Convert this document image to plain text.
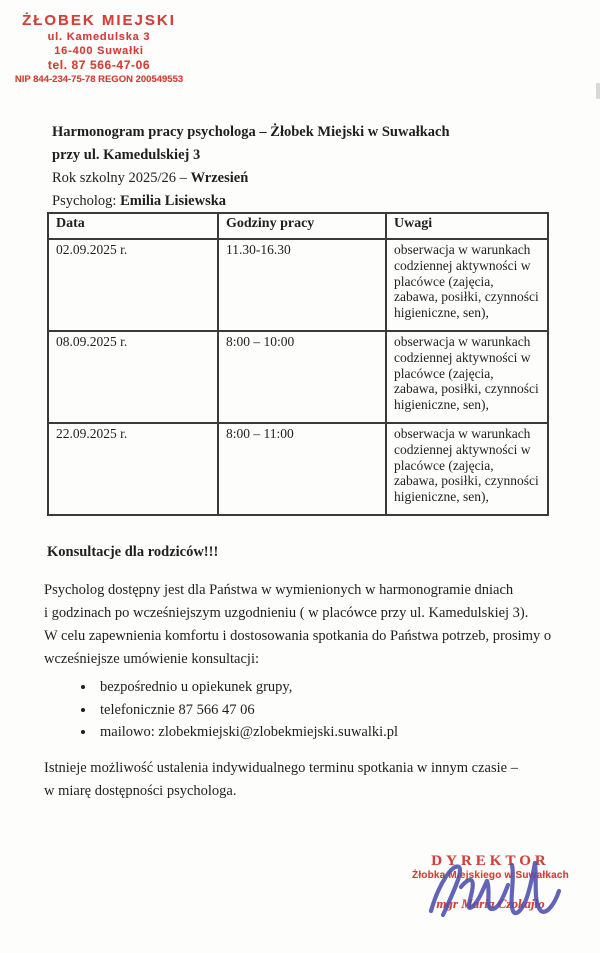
ŻŁOBEK MIEJSKI
ul. Kamedulska 3
16-400 Suwałki
tel. 87 566-47-06
NIP 844-234-75-78 REGON 200549553
Harmonogram pracy psychologa – Żłobek Miejski w Suwałkach
przy ul. Kamedulskiej 3
Rok szkolny 2025/26 – Wrzesień
Psycholog: Emilia Lisiewska
Data	Godziny pracy	Uwagi
02.09.2025 r.	11.30-16.30	obserwacja w warunkach codziennej aktywności w placówce (zajęcia, zabawa, posiłki, czynności higieniczne, sen),
08.09.2025 r.	8:00 – 10:00	obserwacja w warunkach codziennej aktywności w placówce (zajęcia, zabawa, posiłki, czynności higieniczne, sen),
22.09.2025 r.	8:00 – 11:00	obserwacja w warunkach codziennej aktywności w placówce (zajęcia, zabawa, posiłki, czynności higieniczne, sen),
Konsultacje dla rodziców!!!
Psycholog dostępny jest dla Państwa w wymienionych w harmonogramie dniach
i godzinach po wcześniejszym uzgodnieniu ( w placówce przy ul. Kamedulskiej 3).
W celu zapewnienia komfortu i dostosowania spotkania do Państwa potrzeb, prosimy o
wcześniejsze umówienie konsultacji:
• bezpośrednio u opiekunek grupy,
• telefonicznie 87 566 47 06
• mailowo: zlobekmiejski@zlobekmiejski.suwalki.pl
Istnieje możliwość ustalenia indywidualnego terminu spotkania w innym czasie –
w miarę dostępności psychologa.
DYREKTOR
Żłobka Miejskiego w Suwałkach
mgr Maria Czokajło
